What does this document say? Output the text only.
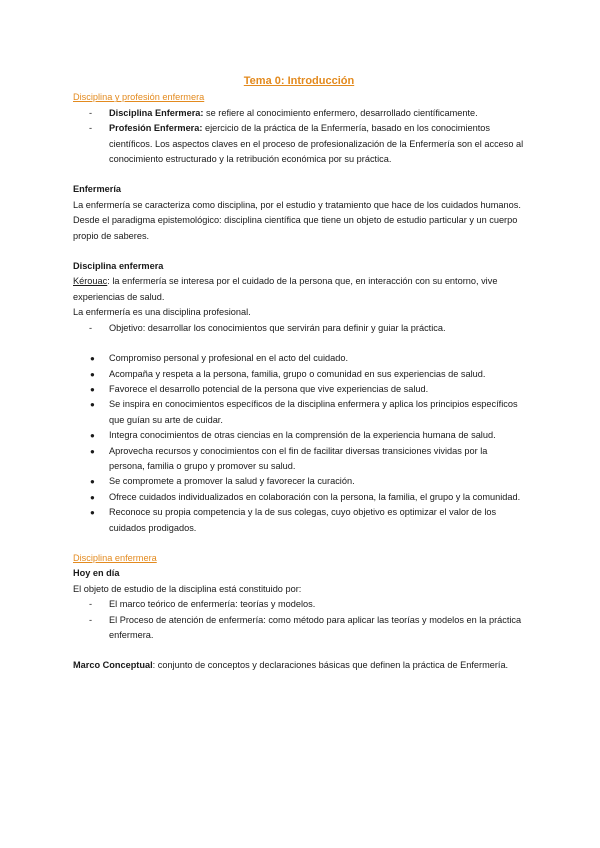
Tema 0: Introducción

Disciplina y profesión enfermera

- Disciplina Enfermera: se refiere al conocimiento enfermero, desarrollado científicamente.
- Profesión Enfermera: ejercicio de la práctica de la Enfermería, basado en los conocimientos científicos. Los aspectos claves en el proceso de profesionalización de la Enfermería son el acceso al conocimiento estructurado y la retribución económica por su práctica.

Enfermería

La enfermería se caracteriza como disciplina, por el estudio y tratamiento que hace de los cuidados humanos.

Desde el paradigma epistemológico: disciplina científica que tiene un objeto de estudio particular y un cuerpo propio de saberes.

Disciplina enfermera

Kérouac: la enfermería se interesa por el cuidado de la persona que, en interacción con su entorno, vive experiencias de salud.

La enfermería es una disciplina profesional.

- Objetivo: desarrollar los conocimientos que servirán para definir y guiar la práctica.
● Compromiso personal y profesional en el acto del cuidado.
● Acompaña y respeta a la persona, familia, grupo o comunidad en sus experiencias de salud.
● Favorece el desarrollo potencial de la persona que vive experiencias de salud.
● Se inspira en conocimientos específicos de la disciplina enfermera y aplica los principios específicos que guían su arte de cuidar.
● Integra conocimientos de otras ciencias en la comprensión de la experiencia humana de salud.
● Aprovecha recursos y conocimientos con el fin de facilitar diversas transiciones vividas por la persona, familia o grupo y promover su salud.
● Se compromete a promover la salud y favorecer la curación.
● Ofrece cuidados individualizados en colaboración con la persona, la familia, el grupo y la comunidad.
● Reconoce su propia competencia y la de sus colegas, cuyo objetivo es optimizar el valor de los cuidados prodigados.

Disciplina enfermera

Hoy en día

El objeto de estudio de la disciplina está constituido por:

- El marco teórico de enfermería: teorías y modelos.
- El Proceso de atención de enfermería: como método para aplicar las teorías y modelos en la práctica enfermera.

Marco Conceptual: conjunto de conceptos y declaraciones básicas que definen la práctica de Enfermería.
